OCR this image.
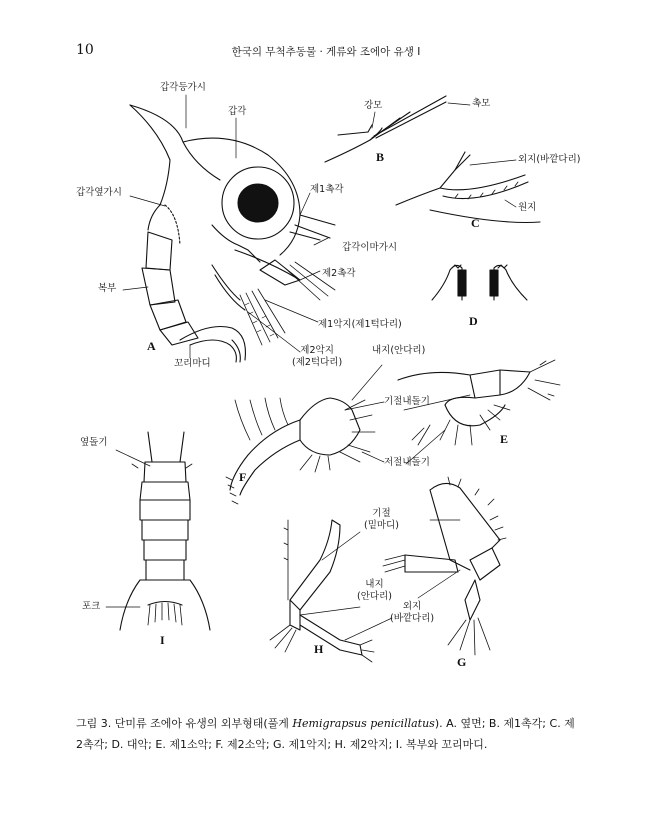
10	한국의 무척추동물 · 게류와 조에아 유생 I
A
B
C
D
E
F
G
H
I
갑각등가시
갑각
갑각옆가시
복부
꼬리마디
제1촉각
갑각이마가시
제2촉각
제1악지(제1턱다리)
제2악지
(제2턱다리)
강모	촉모
외지(바깥다리)
원지
내지(안다리)
기절내돌기
저절내돌기
옆돌기
포크
기절
(밑마디)
내지
(안다리)
외지
(바깥다리)
그림 3. 단미류 조에아 유생의 외부형태(풀게 Hemigrapsus penicillatus). A. 옆면; B. 제1촉각; C. 제2촉각; D. 대악; E. 제1소악; F. 제2소악; G. 제1악지; H. 제2악지; I. 복부와 꼬리마디.
